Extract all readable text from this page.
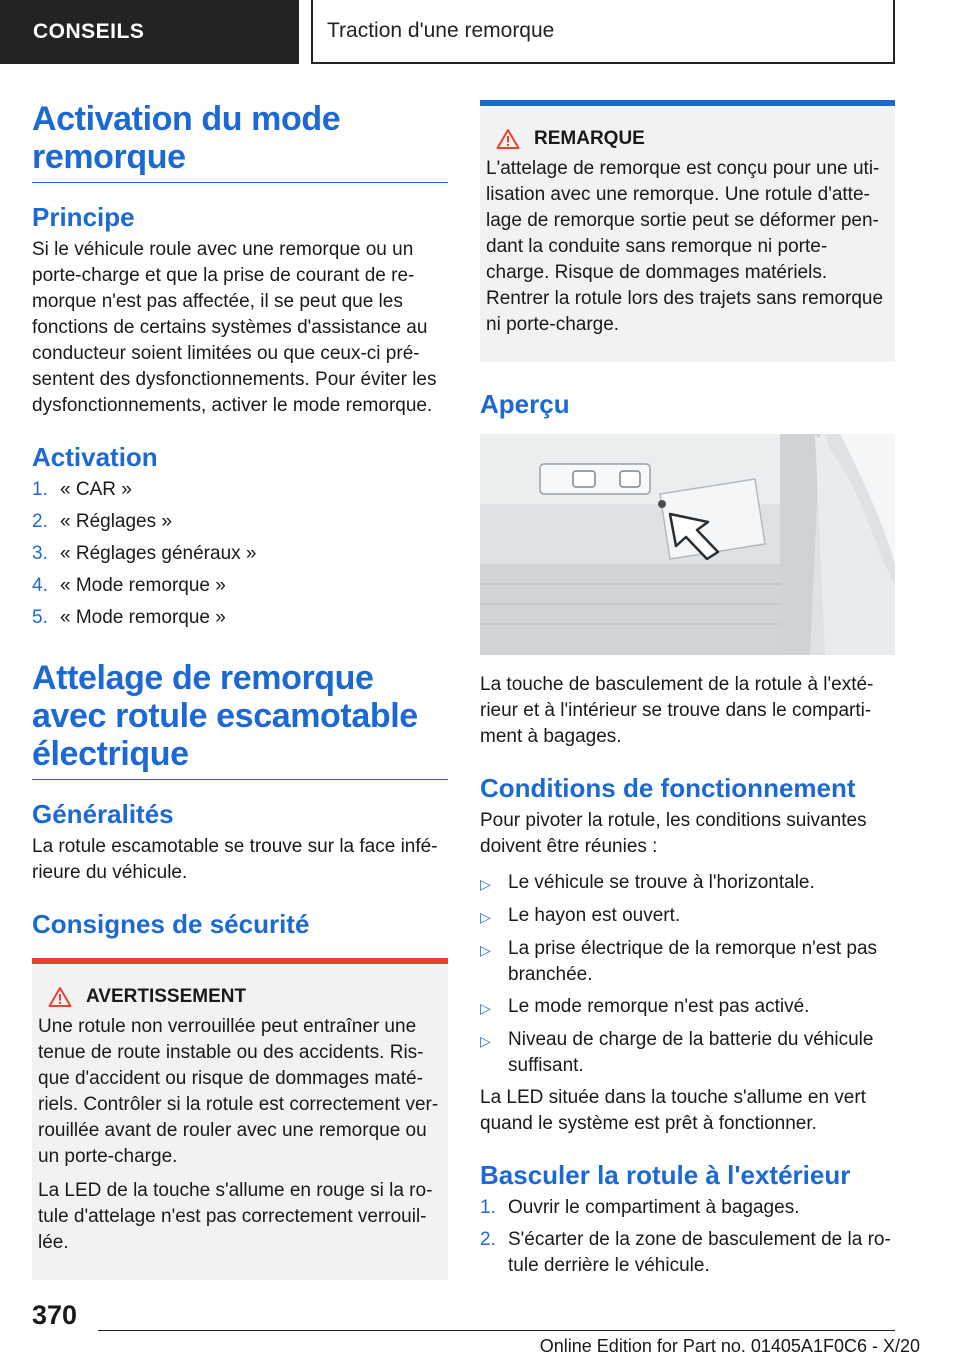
CONSEILS	Traction d'une remorque
Activation du mode remorque
Principe

Si le véhicule roule avec une remorque ou un porte-charge et que la prise de courant de re-morque n'est pas affectée, il se peut que les fonctions de certains systèmes d'assistance au conducteur soient limitées ou que ceux-ci pré-sentent des dysfonctionnements. Pour éviter les dysfonctionnements, activer le mode remorque.

Activation
1. « CAR »
2. « Réglages »
3. « Réglages généraux »
4. « Mode remorque »
5. « Mode remorque »
Attelage de remorque avec rotule escamotable électrique
Généralités

La rotule escamotable se trouve sur la face infé-rieure du véhicule.

Consignes de sécurité
AVERTISSEMENT

Une rotule non verrouillée peut entraîner une tenue de route instable ou des accidents. Ris-que d'accident ou risque de dommages maté-riels. Contrôler si la rotule est correctement ver-rouillée avant de rouler avec une remorque ou un porte-charge.

La LED de la touche s'allume en rouge si la ro-tule d'attelage n'est pas correctement verrouil-lée.

REMARQUE

L'attelage de remorque est conçu pour une uti-lisation avec une remorque. Une rotule d'atte-lage de remorque sortie peut se déformer pen-dant la conduite sans remorque ni porte-charge. Risque de dommages matériels. Rentrer la rotule lors des trajets sans remorque ni porte-charge.

Aperçu

La touche de basculement de la rotule à l'exté-rieur et à l'intérieur se trouve dans le comparti-ment à bagages.

Conditions de fonctionnement

Pour pivoter la rotule, les conditions suivantes doivent être réunies :

▷ Le véhicule se trouve à l'horizontale.
▷ Le hayon est ouvert.
▷ La prise électrique de la remorque n'est pas branchée.
▷ Le mode remorque n'est pas activé.
▷ Niveau de charge de la batterie du véhicule suffisant.

La LED située dans la touche s'allume en vert quand le système est prêt à fonctionner.

Basculer la rotule à l'extérieur
1. Ouvrir le compartiment à bagages.
2. S'écarter de la zone de basculement de la ro-tule derrière le véhicule.
370
Online Edition for Part no. 01405A1F0C6 - X/20
